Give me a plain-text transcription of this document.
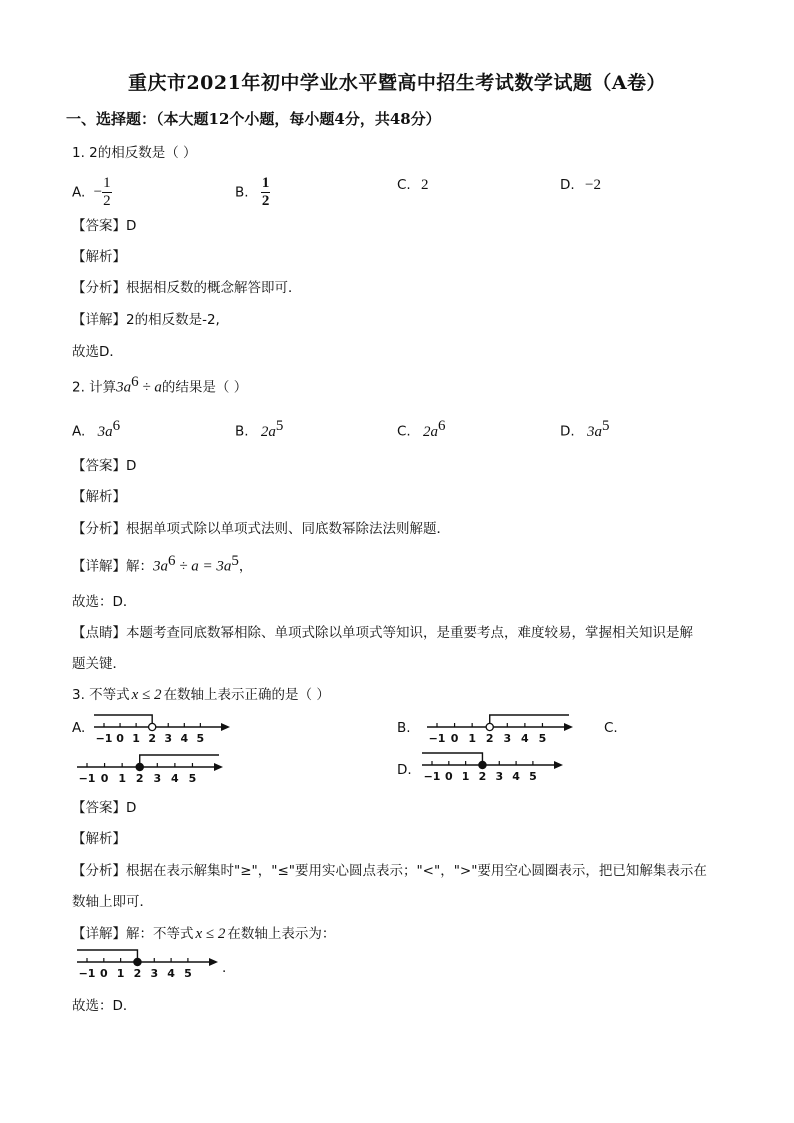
重庆市2021年初中学业水平暨高中招生考试数学试题（A卷）
一、选择题：（本大题12个小题，每小题4分，共48分）
1. 2的相反数是（ ）
A. − $\frac{1}{2}$	B. $\frac{1}{2}$	C. 2	D. −2
【答案】D
【解析】
【分析】根据相反数的概念解答即可．
【详解】2的相反数是-2,
故选D．
2. 计算$3a^6 \div a$的结果是（ ）
A. $3a^6$	B. $2a^5$	C. $2a^6$	D. $3a^5$
【答案】D
【解析】
【分析】根据单项式除以单项式法则、同底数幂除法法则解题．
【详解】解：$3a^6 \div a = 3a^5$，
故选：D．
【点睛】本题考查同底数幂相除、单项式除以单项式等知识，是重要考点，难度较易，掌握相关知识是解
题关键．
3. 不等式 x ≤ 2 在数轴上表示正确的是（ ）
A.	B.	C.
D.
−1 0 1 2 3 4 5	−1 0 1 2 3 4 5
−1 0 1 2 3 4 5	−1 0 1 2 3 4 5
【答案】D
【解析】
【分析】根据在表示解集时"≥"，"≤"要用实心圆点表示；"<"，">"要用空心圆圈表示，把已知解集表示在
数轴上即可．
【详解】解：不等式 x ≤ 2 在数轴上表示为：
−1 0 1 2 3 4 5 .
故选：D．
